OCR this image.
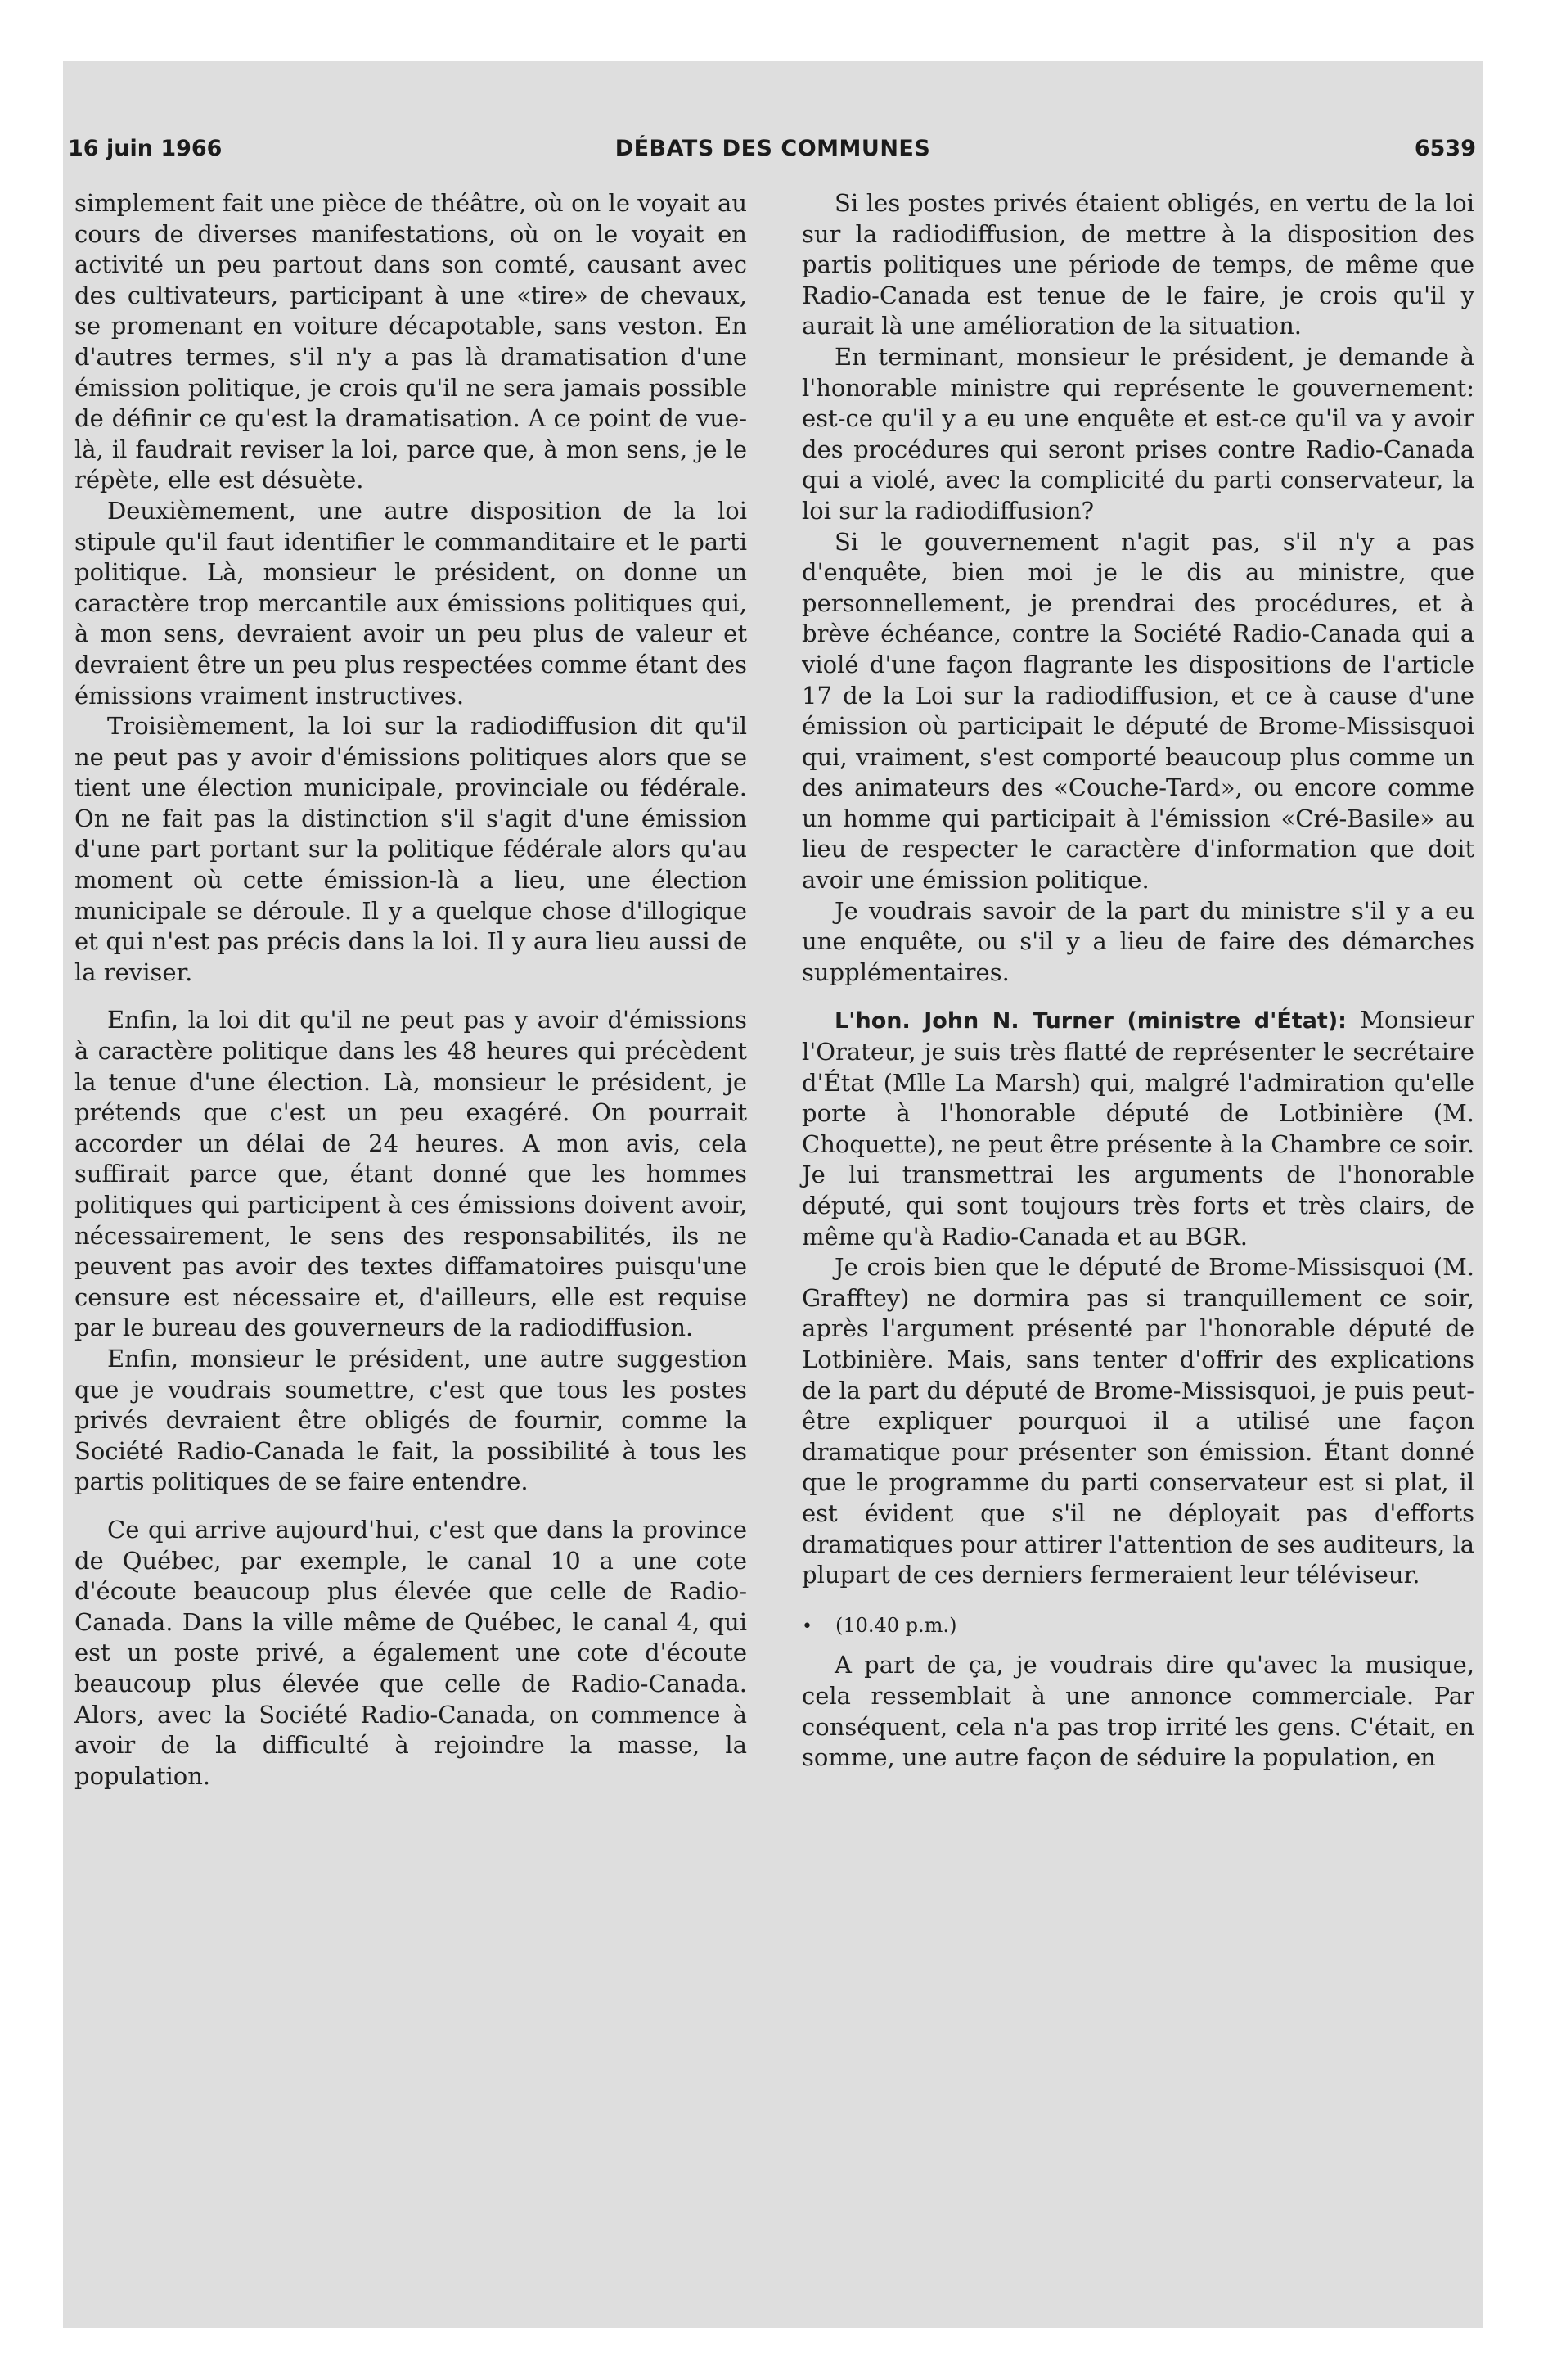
16 juin 1966	DÉBATS DES COMMUNES	6539

simplement fait une pièce de théâtre, où on le voyait au cours de diverses manifestations, où on le voyait en activité un peu partout dans son comté, causant avec des cultivateurs, participant à une «tire» de chevaux, se promenant en voiture décapotable, sans veston. En d'autres termes, s'il n'y a pas là dramatisation d'une émission politique, je crois qu'il ne sera jamais possible de définir ce qu'est la dramatisation. A ce point de vue-là, il faudrait reviser la loi, parce que, à mon sens, je le répète, elle est désuète.

Deuxièmement, une autre disposition de la loi stipule qu'il faut identifier le commanditaire et le parti politique. Là, monsieur le président, on donne un caractère trop mercantile aux émissions politiques qui, à mon sens, devraient avoir un peu plus de valeur et devraient être un peu plus respectées comme étant des émissions vraiment instructives.

Troisièmement, la loi sur la radiodiffusion dit qu'il ne peut pas y avoir d'émissions politiques alors que se tient une élection municipale, provinciale ou fédérale. On ne fait pas la distinction s'il s'agit d'une émission d'une part portant sur la politique fédérale alors qu'au moment où cette émission-là a lieu, une élection municipale se déroule. Il y a quelque chose d'illogique et qui n'est pas précis dans la loi. Il y aura lieu aussi de la reviser.

Enfin, la loi dit qu'il ne peut pas y avoir d'émissions à caractère politique dans les 48 heures qui précèdent la tenue d'une élection. Là, monsieur le président, je prétends que c'est un peu exagéré. On pourrait accorder un délai de 24 heures. A mon avis, cela suffirait parce que, étant donné que les hommes politiques qui participent à ces émissions doivent avoir, nécessairement, le sens des responsabilités, ils ne peuvent pas avoir des textes diffamatoires puisqu'une censure est nécessaire et, d'ailleurs, elle est requise par le bureau des gouverneurs de la radiodiffusion.

Enfin, monsieur le président, une autre suggestion que je voudrais soumettre, c'est que tous les postes privés devraient être obligés de fournir, comme la Société Radio-Canada le fait, la possibilité à tous les partis politiques de se faire entendre.

Ce qui arrive aujourd'hui, c'est que dans la province de Québec, par exemple, le canal 10 a une cote d'écoute beaucoup plus élevée que celle de Radio-Canada. Dans la ville même de Québec, le canal 4, qui est un poste privé, a également une cote d'écoute beaucoup plus élevée que celle de Radio-Canada. Alors, avec la Société Radio-Canada, on commence à avoir de la difficulté à rejoindre la masse, la population.

Si les postes privés étaient obligés, en vertu de la loi sur la radiodiffusion, de mettre à la disposition des partis politiques une période de temps, de même que Radio-Canada est tenue de le faire, je crois qu'il y aurait là une amélioration de la situation.

En terminant, monsieur le président, je demande à l'honorable ministre qui représente le gouvernement: est-ce qu'il y a eu une enquête et est-ce qu'il va y avoir des procédures qui seront prises contre Radio-Canada qui a violé, avec la complicité du parti conservateur, la loi sur la radiodiffusion?

Si le gouvernement n'agit pas, s'il n'y a pas d'enquête, bien moi je le dis au ministre, que personnellement, je prendrai des procédures, et à brève échéance, contre la Société Radio-Canada qui a violé d'une façon flagrante les dispositions de l'article 17 de la Loi sur la radiodiffusion, et ce à cause d'une émission où participait le député de Brome-Missisquoi qui, vraiment, s'est comporté beaucoup plus comme un des animateurs des «Couche-Tard», ou encore comme un homme qui participait à l'émission «Cré-Basile» au lieu de respecter le caractère d'information que doit avoir une émission politique.

Je voudrais savoir de la part du ministre s'il y a eu une enquête, ou s'il y a lieu de faire des démarches supplémentaires.

L'hon. John N. Turner (ministre d'État): Monsieur l'Orateur, je suis très flatté de représenter le secrétaire d'État (Mlle La Marsh) qui, malgré l'admiration qu'elle porte à l'honorable député de Lotbinière (M. Choquette), ne peut être présente à la Chambre ce soir. Je lui transmettrai les arguments de l'honorable député, qui sont toujours très forts et très clairs, de même qu'à Radio-Canada et au BGR.

Je crois bien que le député de Brome-Missisquoi (M. Grafftey) ne dormira pas si tranquillement ce soir, après l'argument présenté par l'honorable député de Lotbinière. Mais, sans tenter d'offrir des explications de la part du député de Brome-Missisquoi, je puis peut-être expliquer pourquoi il a utilisé une façon dramatique pour présenter son émission. Étant donné que le programme du parti conservateur est si plat, il est évident que s'il ne déployait pas d'efforts dramatiques pour attirer l'attention de ses auditeurs, la plupart de ces derniers fermeraient leur téléviseur.

• (10.40 p.m.)

A part de ça, je voudrais dire qu'avec la musique, cela ressemblait à une annonce commerciale. Par conséquent, cela n'a pas trop irrité les gens. C'était, en somme, une autre façon de séduire la population, en
